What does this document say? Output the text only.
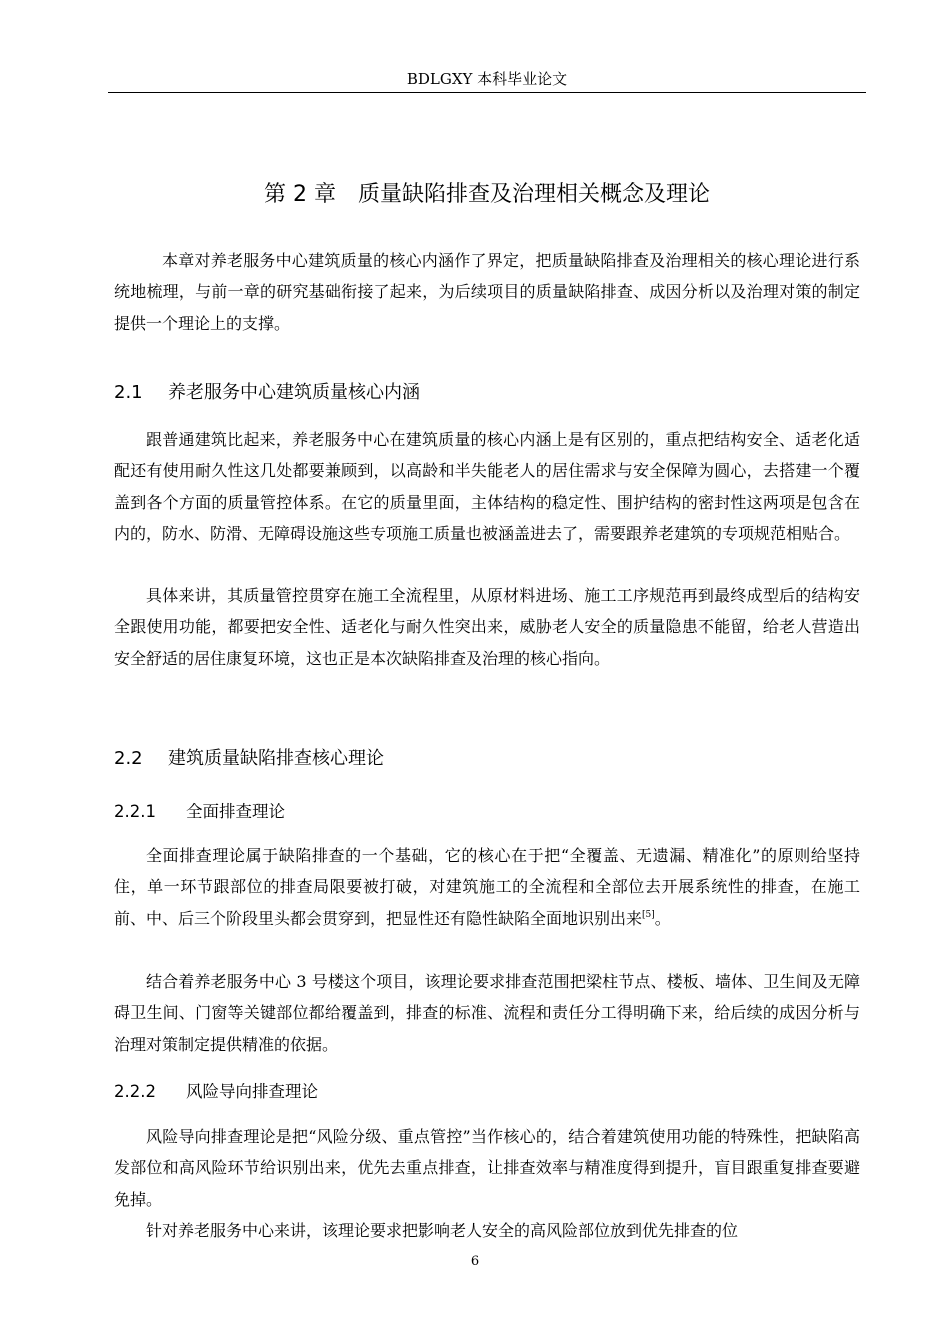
BDLGXY 本科毕业论文
第 2 章 质量缺陷排查及治理相关概念及理论

本章对养老服务中心建筑质量的核心内涵作了界定，把质量缺陷排查及治理相关的核心理论进行系统地梳理，与前一章的研究基础衔接了起来，为后续项目的质量缺陷排查、成因分析以及治理对策的制定提供一个理论上的支撑。

2.1 养老服务中心建筑质量核心内涵

跟普通建筑比起来，养老服务中心在建筑质量的核心内涵上是有区别的，重点把结构安全、适老化适配还有使用耐久性这几处都要兼顾到，以高龄和半失能老人的居住需求与安全保障为圆心，去搭建一个覆盖到各个方面的质量管控体系。在它的质量里面，主体结构的稳定性、围护结构的密封性这两项是包含在内的，防水、防滑、无障碍设施这些专项施工质量也被涵盖进去了，需要跟养老建筑的专项规范相贴合。

具体来讲，其质量管控贯穿在施工全流程里，从原材料进场、施工工序规范再到最终成型后的结构安全跟使用功能，都要把安全性、适老化与耐久性突出来，威胁老人安全的质量隐患不能留，给老人营造出安全舒适的居住康复环境，这也正是本次缺陷排查及治理的核心指向。

2.2 建筑质量缺陷排查核心理论
2.2.1 全面排查理论

全面排查理论属于缺陷排查的一个基础，它的核心在于把“全覆盖、无遗漏、精准化”的原则给坚持住，单一环节跟部位的排查局限要被打破，对建筑施工的全流程和全部位去开展系统性的排查，在施工前、中、后三个阶段里头都会贯穿到，把显性还有隐性缺陷全面地识别出来[5]。

结合着养老服务中心 3 号楼这个项目，该理论要求排查范围把梁柱节点、楼板、墙体、卫生间及无障碍卫生间、门窗等关键部位都给覆盖到，排查的标准、流程和责任分工得明确下来，给后续的成因分析与治理对策制定提供精准的依据。

2.2.2 风险导向排查理论

风险导向排查理论是把“风险分级、重点管控”当作核心的，结合着建筑使用功能的特殊性，把缺陷高发部位和高风险环节给识别出来，优先去重点排查，让排查效率与精准度得到提升，盲目跟重复排查要避免掉。

针对养老服务中心来讲，该理论要求把影响老人安全的高风险部位放到优先排查的位

6
